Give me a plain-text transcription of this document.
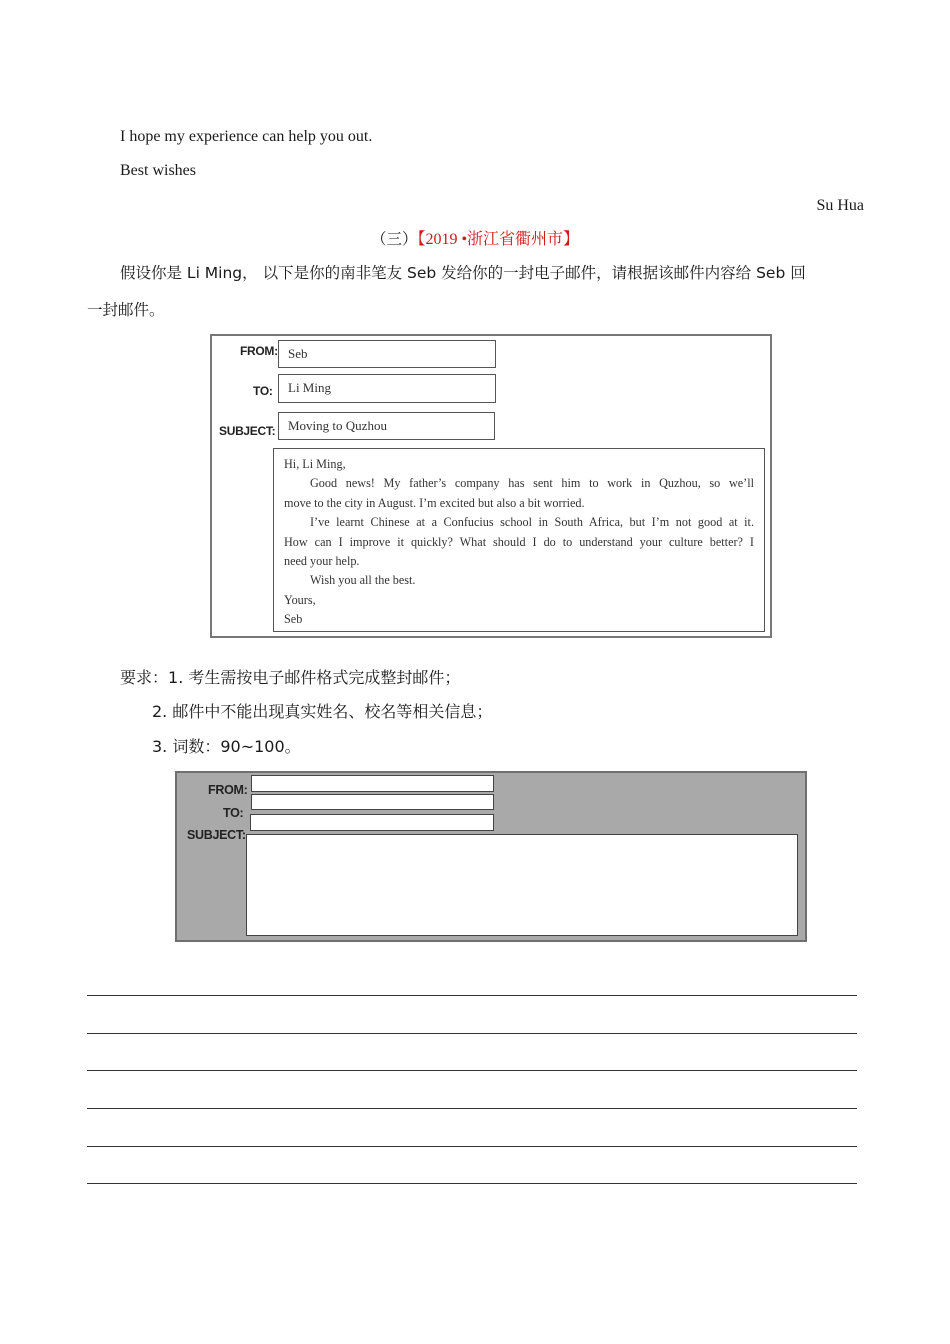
I hope my experience can help you out.
Best wishes
Su Hua
（三）【2019 •浙江省衢州市】
假设你是 Li Ming， 以下是你的南非笔友 Seb 发给你的一封电子邮件，请根据该邮件内容给 Seb 回
一封邮件。
FROM: Seb
TO:	Li Ming
SUBJECT: Moving to Quzhou
Hi, Li Ming,
Good news! My father’s company has sent him to work in Quzhou, so we’ll
move to the city in August. I’m excited but also a bit worried.
I’ve learnt Chinese at a Confucius school in South Africa, but I’m not good at it.
How can I improve it quickly? What should I do to understand your culture better? I
need your help.
Wish you all the best.
Yours,
Seb
要求：1. 考生需按电子邮件格式完成整封邮件；
2. 邮件中不能出现真实姓名、校名等相关信息；
3. 词数：90~100。
FROM:
TO:
SUBJECT:
